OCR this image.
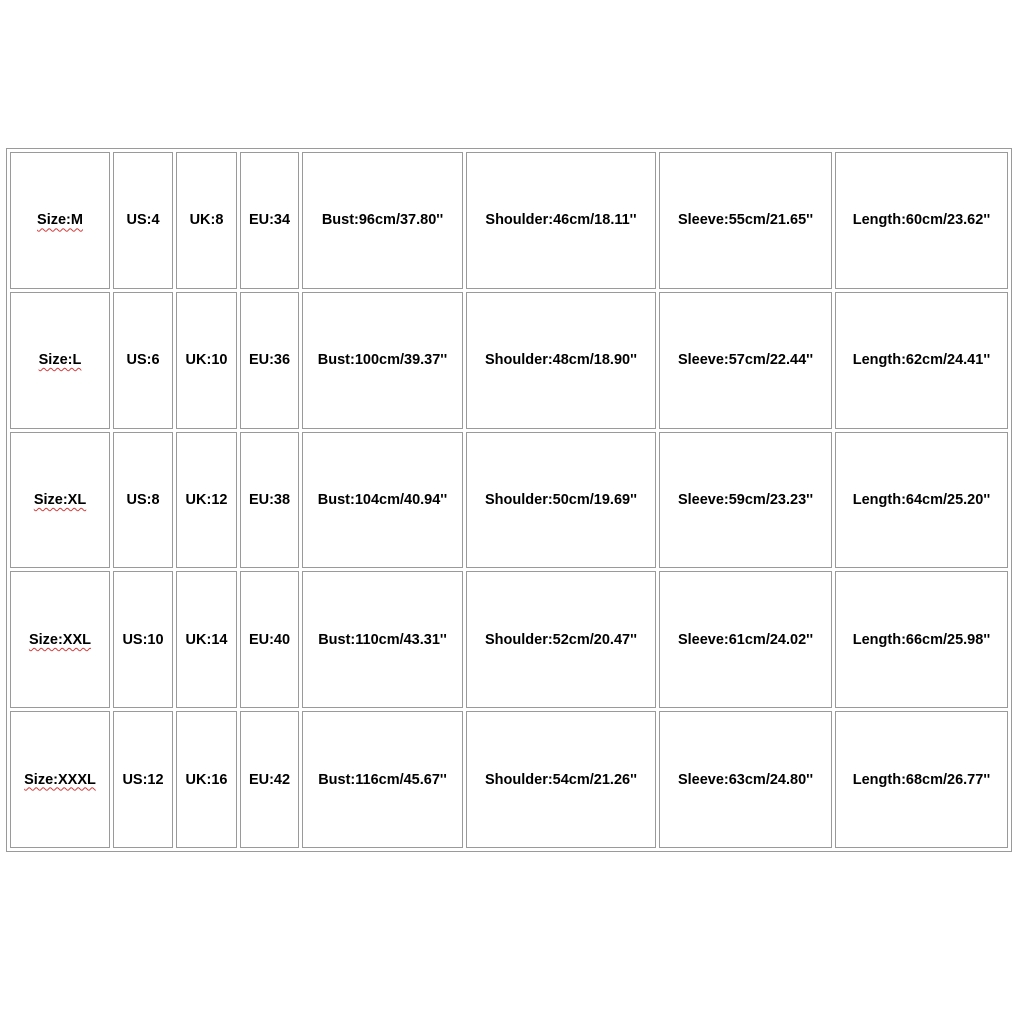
Size:M	US:4	UK:8	EU:34	Bust:96cm/37.80''	Shoulder:46cm/18.11''	Sleeve:55cm/21.65''	Length:60cm/23.62''
Size:L	US:6	UK:10	EU:36	Bust:100cm/39.37''	Shoulder:48cm/18.90''	Sleeve:57cm/22.44''	Length:62cm/24.41''
Size:XL	US:8	UK:12	EU:38	Bust:104cm/40.94''	Shoulder:50cm/19.69''	Sleeve:59cm/23.23''	Length:64cm/25.20''
Size:XXL	US:10	UK:14	EU:40	Bust:110cm/43.31''	Shoulder:52cm/20.47''	Sleeve:61cm/24.02''	Length:66cm/25.98''
Size:XXXL	US:12	UK:16	EU:42	Bust:116cm/45.67''	Shoulder:54cm/21.26''	Sleeve:63cm/24.80''	Length:68cm/26.77''
